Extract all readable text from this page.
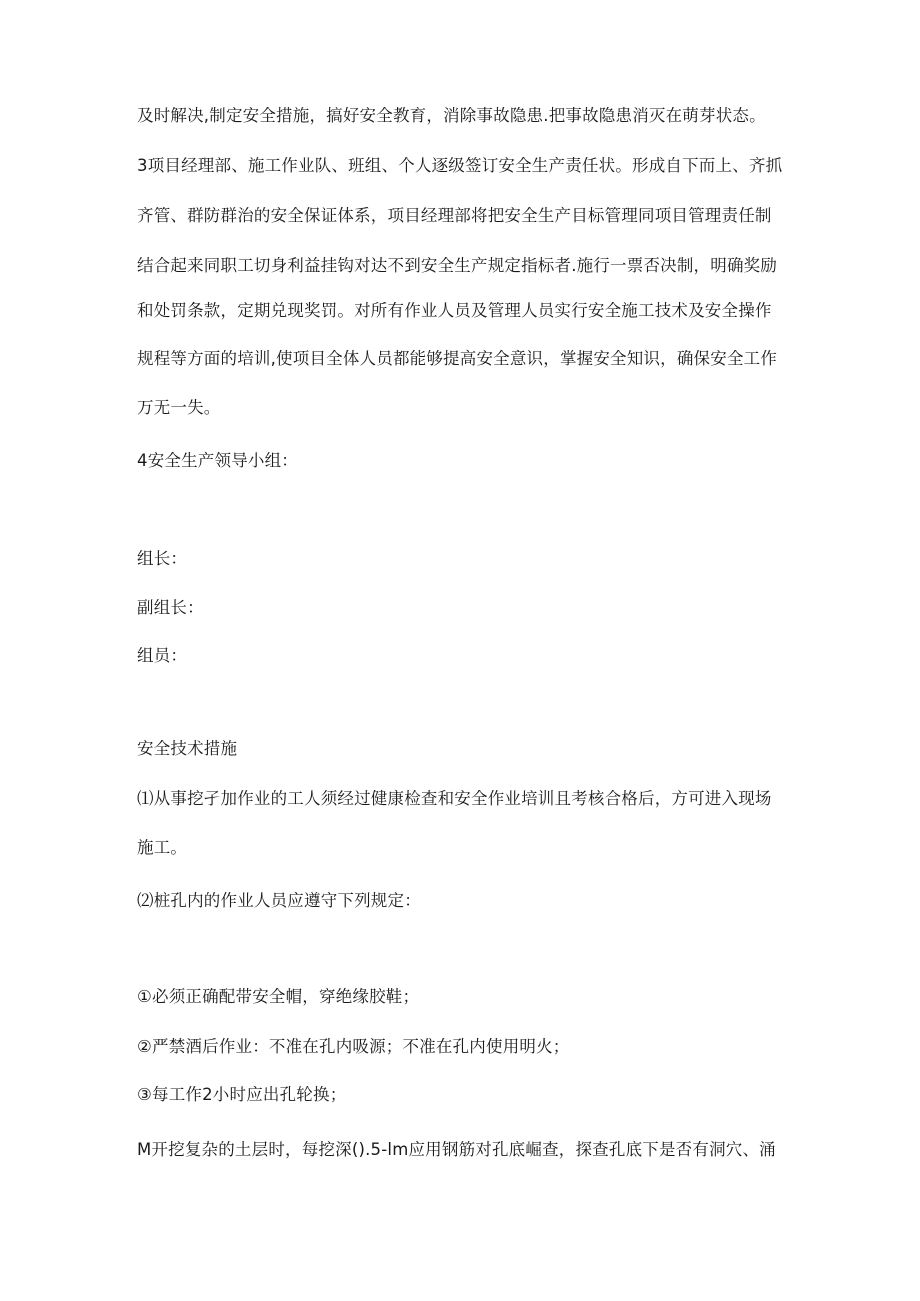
及时解决,制定安全措施，搞好安全教育，消除事故隐患.把事故隐患消灭在萌芽状态。
3项目经理部、施工作业队、班组、个人逐级签订安全生产责任状。形成自下而上、齐抓
齐管、群防群治的安全保证体系，项目经理部将把安全生产目标管理同项目管理责任制
结合起来同职工切身利益挂钩对达不到安全生产规定指标者.施行一票否决制，明确奖励
和处罚条款，定期兑现奖罚。对所有作业人员及管理人员实行安全施工技术及安全操作
规程等方面的培训,使项目全体人员都能够提高安全意识，掌握安全知识，确保安全工作
万无一失。
4安全生产领导小组：
组长：
副组长：
组员：
安全技术措施
⑴从事挖孑加作业的工人须经过健康检查和安全作业培训且考核合格后，方可进入现场
施工。
⑵桩孔内的作业人员应遵守下列规定：
①必须正确配带安全帽，穿绝缘胶鞋；
②严禁酒后作业：不准在孔内吸源；不准在孔内使用明火；
③每工作2小时应出孔轮换；
M开挖复杂的土层时，每挖深().5-lm应用钢筋对孔底崛查，探查孔底下是否有洞穴、涌
